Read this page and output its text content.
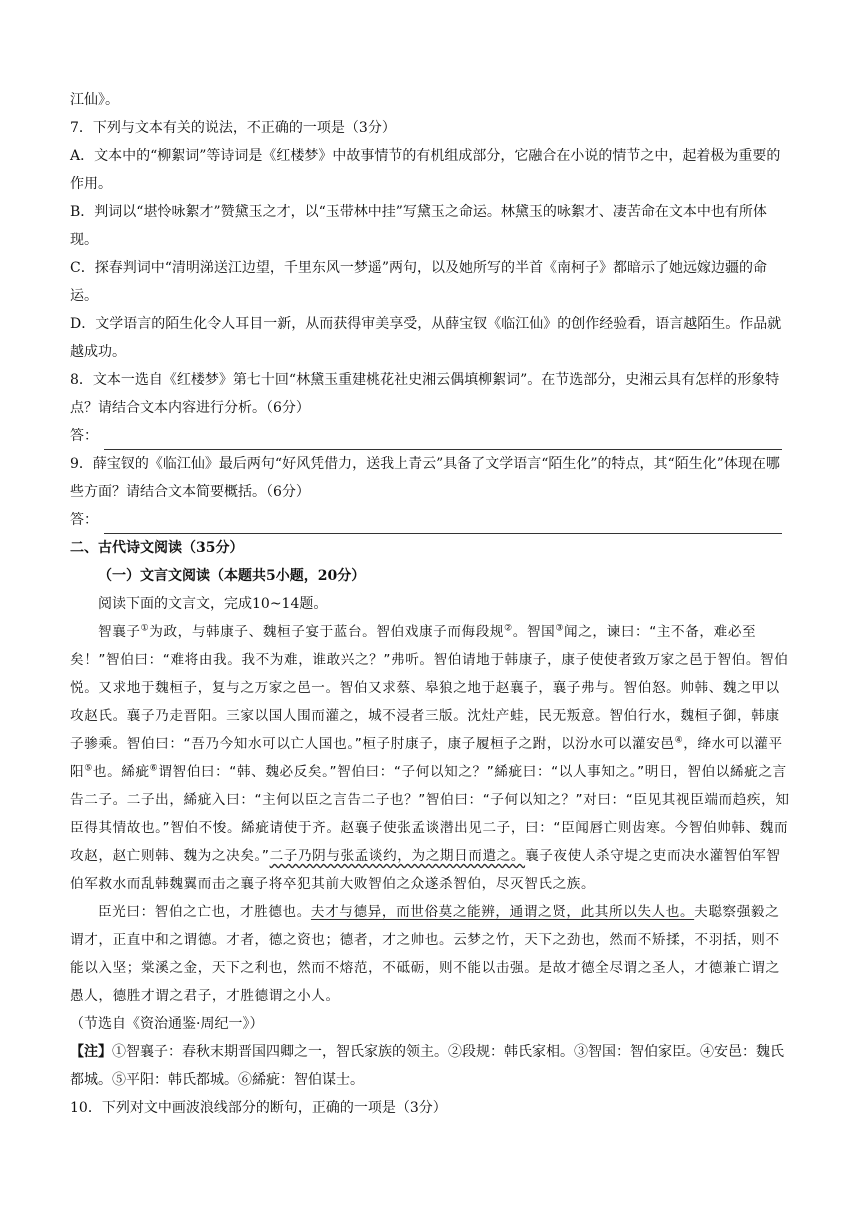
江仙》。

7．下列与文本有关的说法，不正确的一项是（3分）

A．文本中的“柳絮词”等诗词是《红楼梦》中故事情节的有机组成部分，它融合在小说的情节之中，起着极为重要的作用。

B．判词以“堪怜咏絮才”赞黛玉之才，以“玉带林中挂”写黛玉之命运。林黛玉的咏絮才、凄苦命在文本中也有所体现。

C．探春判词中“清明涕送江边望，千里东风一梦遥”两句，以及她所写的半首《南柯子》都暗示了她远嫁边疆的命运。

D．文学语言的陌生化令人耳目一新，从而获得审美享受，从薛宝钗《临江仙》的创作经验看，语言越陌生。作品就越成功。

8．文本一选自《红楼梦》第七十回“林黛玉重建桃花社史湘云偶填柳絮词”。在节选部分，史湘云具有怎样的形象特点？请结合文本内容进行分析。（6分）

答：

9．薛宝钗的《临江仙》最后两句“好风凭借力，送我上青云”具备了文学语言“陌生化”的特点，其“陌生化”体现在哪些方面？请结合文本简要概括。（6分）

答：

二、古代诗文阅读（35分）

（一）文言文阅读（本题共5小题，20分）

阅读下面的文言文，完成10~14题。

智襄子①为政，与韩康子、魏桓子宴于蓝台。智伯戏康子而侮段规②。智国③闻之，谏曰：“主不备，难必至矣！”智伯曰：“难将由我。我不为难，谁敢兴之？”弗听。智伯请地于韩康子，康子使使者致万家之邑于智伯。智伯悦。又求地于魏桓子，复与之万家之邑一。智伯又求蔡、皋狼之地于赵襄子，襄子弗与。智伯怒。帅韩、魏之甲以攻赵氏。襄子乃走晋阳。三家以国人围而灌之，城不浸者三版。沈灶产蛙，民无叛意。智伯行水，魏桓子御，韩康子骖乘。智伯曰：“吾乃今知水可以亡人国也。”桓子肘康子，康子履桓子之跗，以汾水可以灌安邑④，绛水可以灌平阳⑤也。絺疵⑥谓智伯曰：“韩、魏必反矣。”智伯曰：“子何以知之？”絺疵曰：“以人事知之。”明日，智伯以絺疵之言告二子。二子出，絺疵入曰：“主何以臣之言告二子也？”智伯曰：“子何以知之？”对曰：“臣见其视臣端而趋疾，知臣得其情故也。”智伯不悛。絺疵请使于齐。赵襄子使张孟谈潜出见二子，曰：“臣闻唇亡则齿寒。今智伯帅韩、魏而攻赵，赵亡则韩、魏为之决矣。”二子乃阴与张孟谈约，为之期日而遣之。襄子夜使人杀守堤之吏而决水灌智伯军智伯军救水而乱韩魏翼而击之襄子将卒犯其前大败智伯之众遂杀智伯，尽灭智氏之族。

臣光曰：智伯之亡也，才胜德也。夫才与德异，而世俗莫之能辨，通谓之贤，此其所以失人也。夫聪察强毅之谓才，正直中和之谓德。才者，德之资也；德者，才之帅也。云梦之竹，天下之劲也，然而不矫揉，不羽括，则不能以入坚；棠溪之金，天下之利也，然而不熔范，不砥砺，则不能以击强。是故才德全尽谓之圣人，才德兼亡谓之愚人，德胜才谓之君子，才胜德谓之小人。

（节选自《资治通鉴·周纪一》）

【注】①智襄子：春秋末期晋国四卿之一，智氏家族的领主。②段规：韩氏家相。③智国：智伯家臣。④安邑：魏氏都城。⑤平阳：韩氏都城。⑥絺疵：智伯谋士。

10．下列对文中画波浪线部分的断句，正确的一项是（3分）
